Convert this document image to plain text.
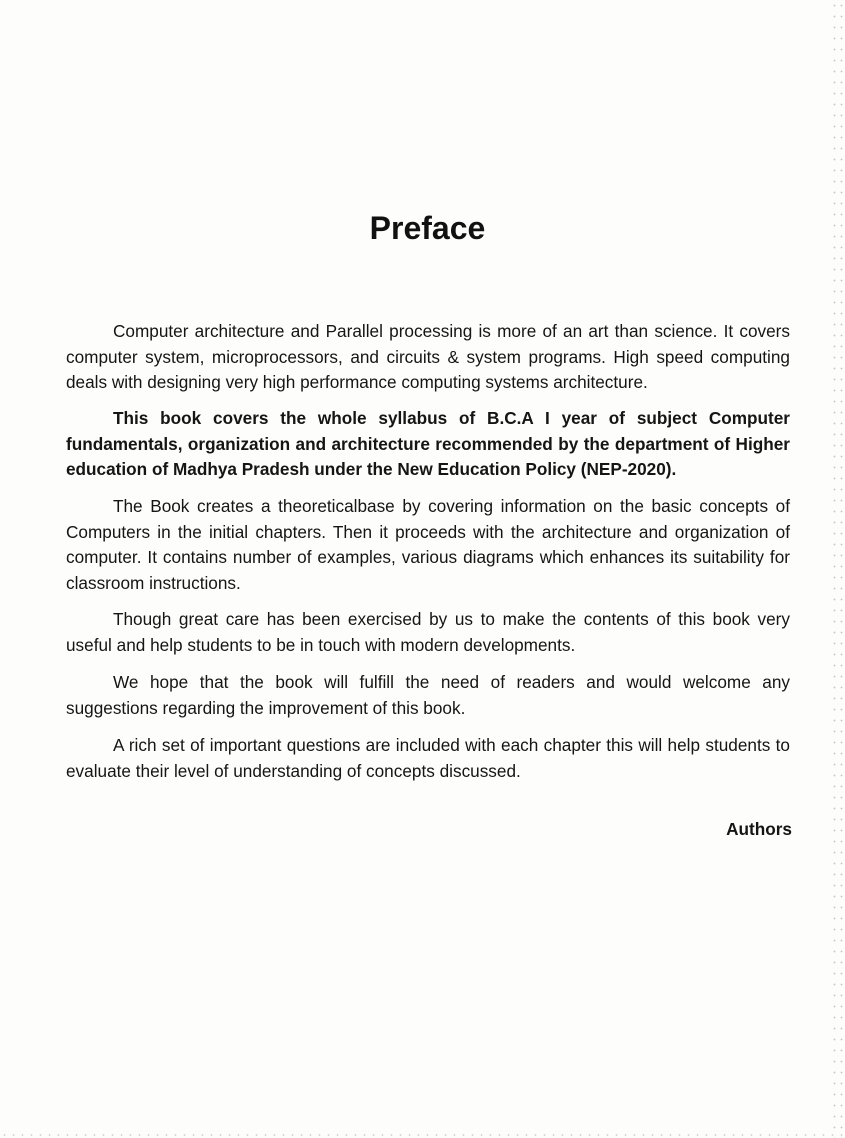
Preface

Computer architecture and Parallel processing is more of an art than science. It covers computer system, microprocessors, and circuits & system programs. High speed computing deals with designing very high performance computing systems architecture.

This book covers the whole syllabus of B.C.A I year of subject Computer fundamentals, organization and architecture recommended by the department of Higher education of Madhya Pradesh under the New Education Policy (NEP-2020).

The Book creates a theoreticalbase by covering information on the basic concepts of Computers in the initial chapters. Then it proceeds with the architecture and organization of computer. It contains number of examples, various diagrams which enhances its suitability for classroom instructions.

Though great care has been exercised by us to make the contents of this book very useful and help students to be in touch with modern developments.

We hope that the book will fulfill the need of readers and would welcome any suggestions regarding the improvement of this book.

A rich set of important questions are included with each chapter this will help students to evaluate their level of understanding of concepts discussed.

Authors
